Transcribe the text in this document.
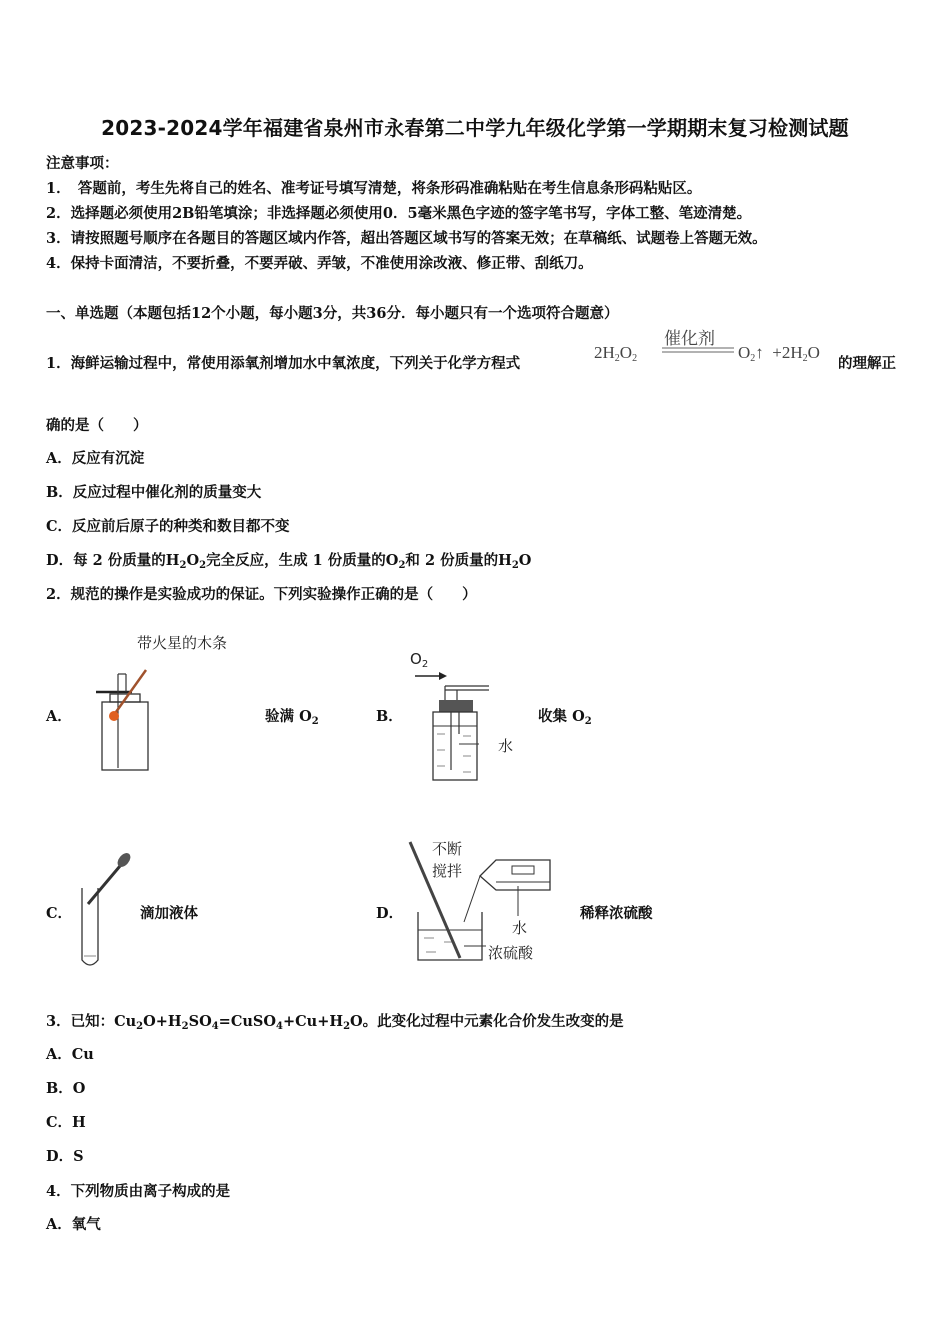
2023-2024学年福建省泉州市永春第二中学九年级化学第一学期期末复习检测试题
注意事项：
1．　答题前，考生先将自己的姓名、准考证号填写清楚，将条形码准确粘贴在考生信息条形码粘贴区。
2．选择题必须使用2B铅笔填涂；非选择题必须使用0．5毫米黑色字迹的签字笔书写，字体工整、笔迹清楚。
3．请按照题号顺序在各题目的答题区域内作答，超出答题区域书写的答案无效；在草稿纸、试题卷上答题无效。
4．保持卡面清洁，不要折叠，不要弄破、弄皱，不准使用涂改液、修正带、刮纸刀。
一、单选题（本题包括12个小题，每小题3分，共36分．每小题只有一个选项符合题意）
1．海鲜运输过程中，常使用添氧剂增加水中氧浓度，下列关于化学方程式
$2H_2O_2$
催化剂
$O_2↑ +2H_2O$
的理解正
确的是（　　）
A．反应有沉淀
B．反应过程中催化剂的质量变大
C．反应前后原子的种类和数目都不变
D．每 2 份质量的$H_2O_2$完全反应，生成 1 份质量的$O_2$和 2 份质量的$H_2O$
2．规范的操作是实验成功的保证。下列实验操作正确的是（　　）
A．
带火星的木条
验满 $O_2$	B．
$O_2$
水
收集 $O_2$
C．	滴加液体	D．
不断
搅拌
水
浓硫酸
稀释浓硫酸
3．已知：$Cu_2O+H_2SO_4=CuSO_4+Cu+H_2O$。此变化过程中元素化合价发生改变的是
A．Cu
B．O
C．H
D．S
4．下列物质由离子构成的是
A．氧气
